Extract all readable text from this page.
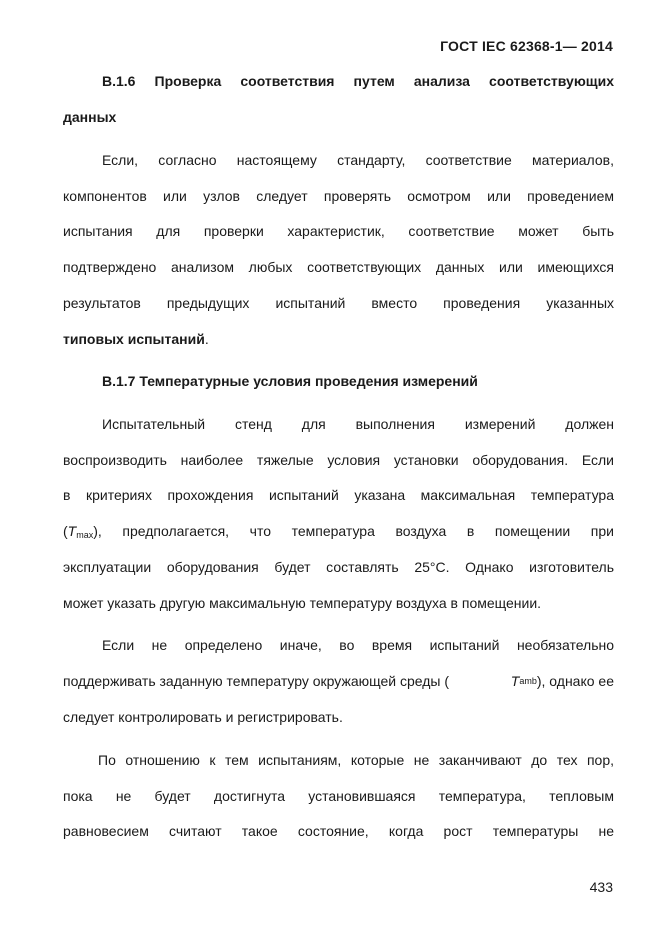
ГОСТ IEC 62368-1— 2014
B.1.6 Проверка соответствия путем анализа соответствующих
данных
Если, согласно настоящему стандарту, соответствие материалов,
компонентов или узлов следует проверять осмотром или проведением
испытания для проверки характеристик, соответствие может быть
подтверждено анализом любых соответствующих данных или имеющихся
результатов предыдущих испытаний вместо проведения указанных
типовых испытаний.
B.1.7 Температурные условия проведения измерений
Испытательный стенд для выполнения измерений должен
воспроизводить наиболее тяжелые условия установки оборудования. Если
в критериях прохождения испытаний указана максимальная температура
($T_{max}$ ), предполагается, что температура воздуха в помещении при
эксплуатации оборудования будет составлять 25°C. Однако изготовитель
может указать другую максимальную температуру воздуха в помещении.
Если не определено иначе, во время испытаний необязательно
поддерживать заданную температуру окружающей среды (	T amb ), однако ее
следует контролировать и регистрировать.
По отношению к тем испытаниям, которые не заканчивают до тех пор,
пока не будет достигнута установившаяся температура, тепловым
равновесием считают такое состояние, когда рост температуры не
433
